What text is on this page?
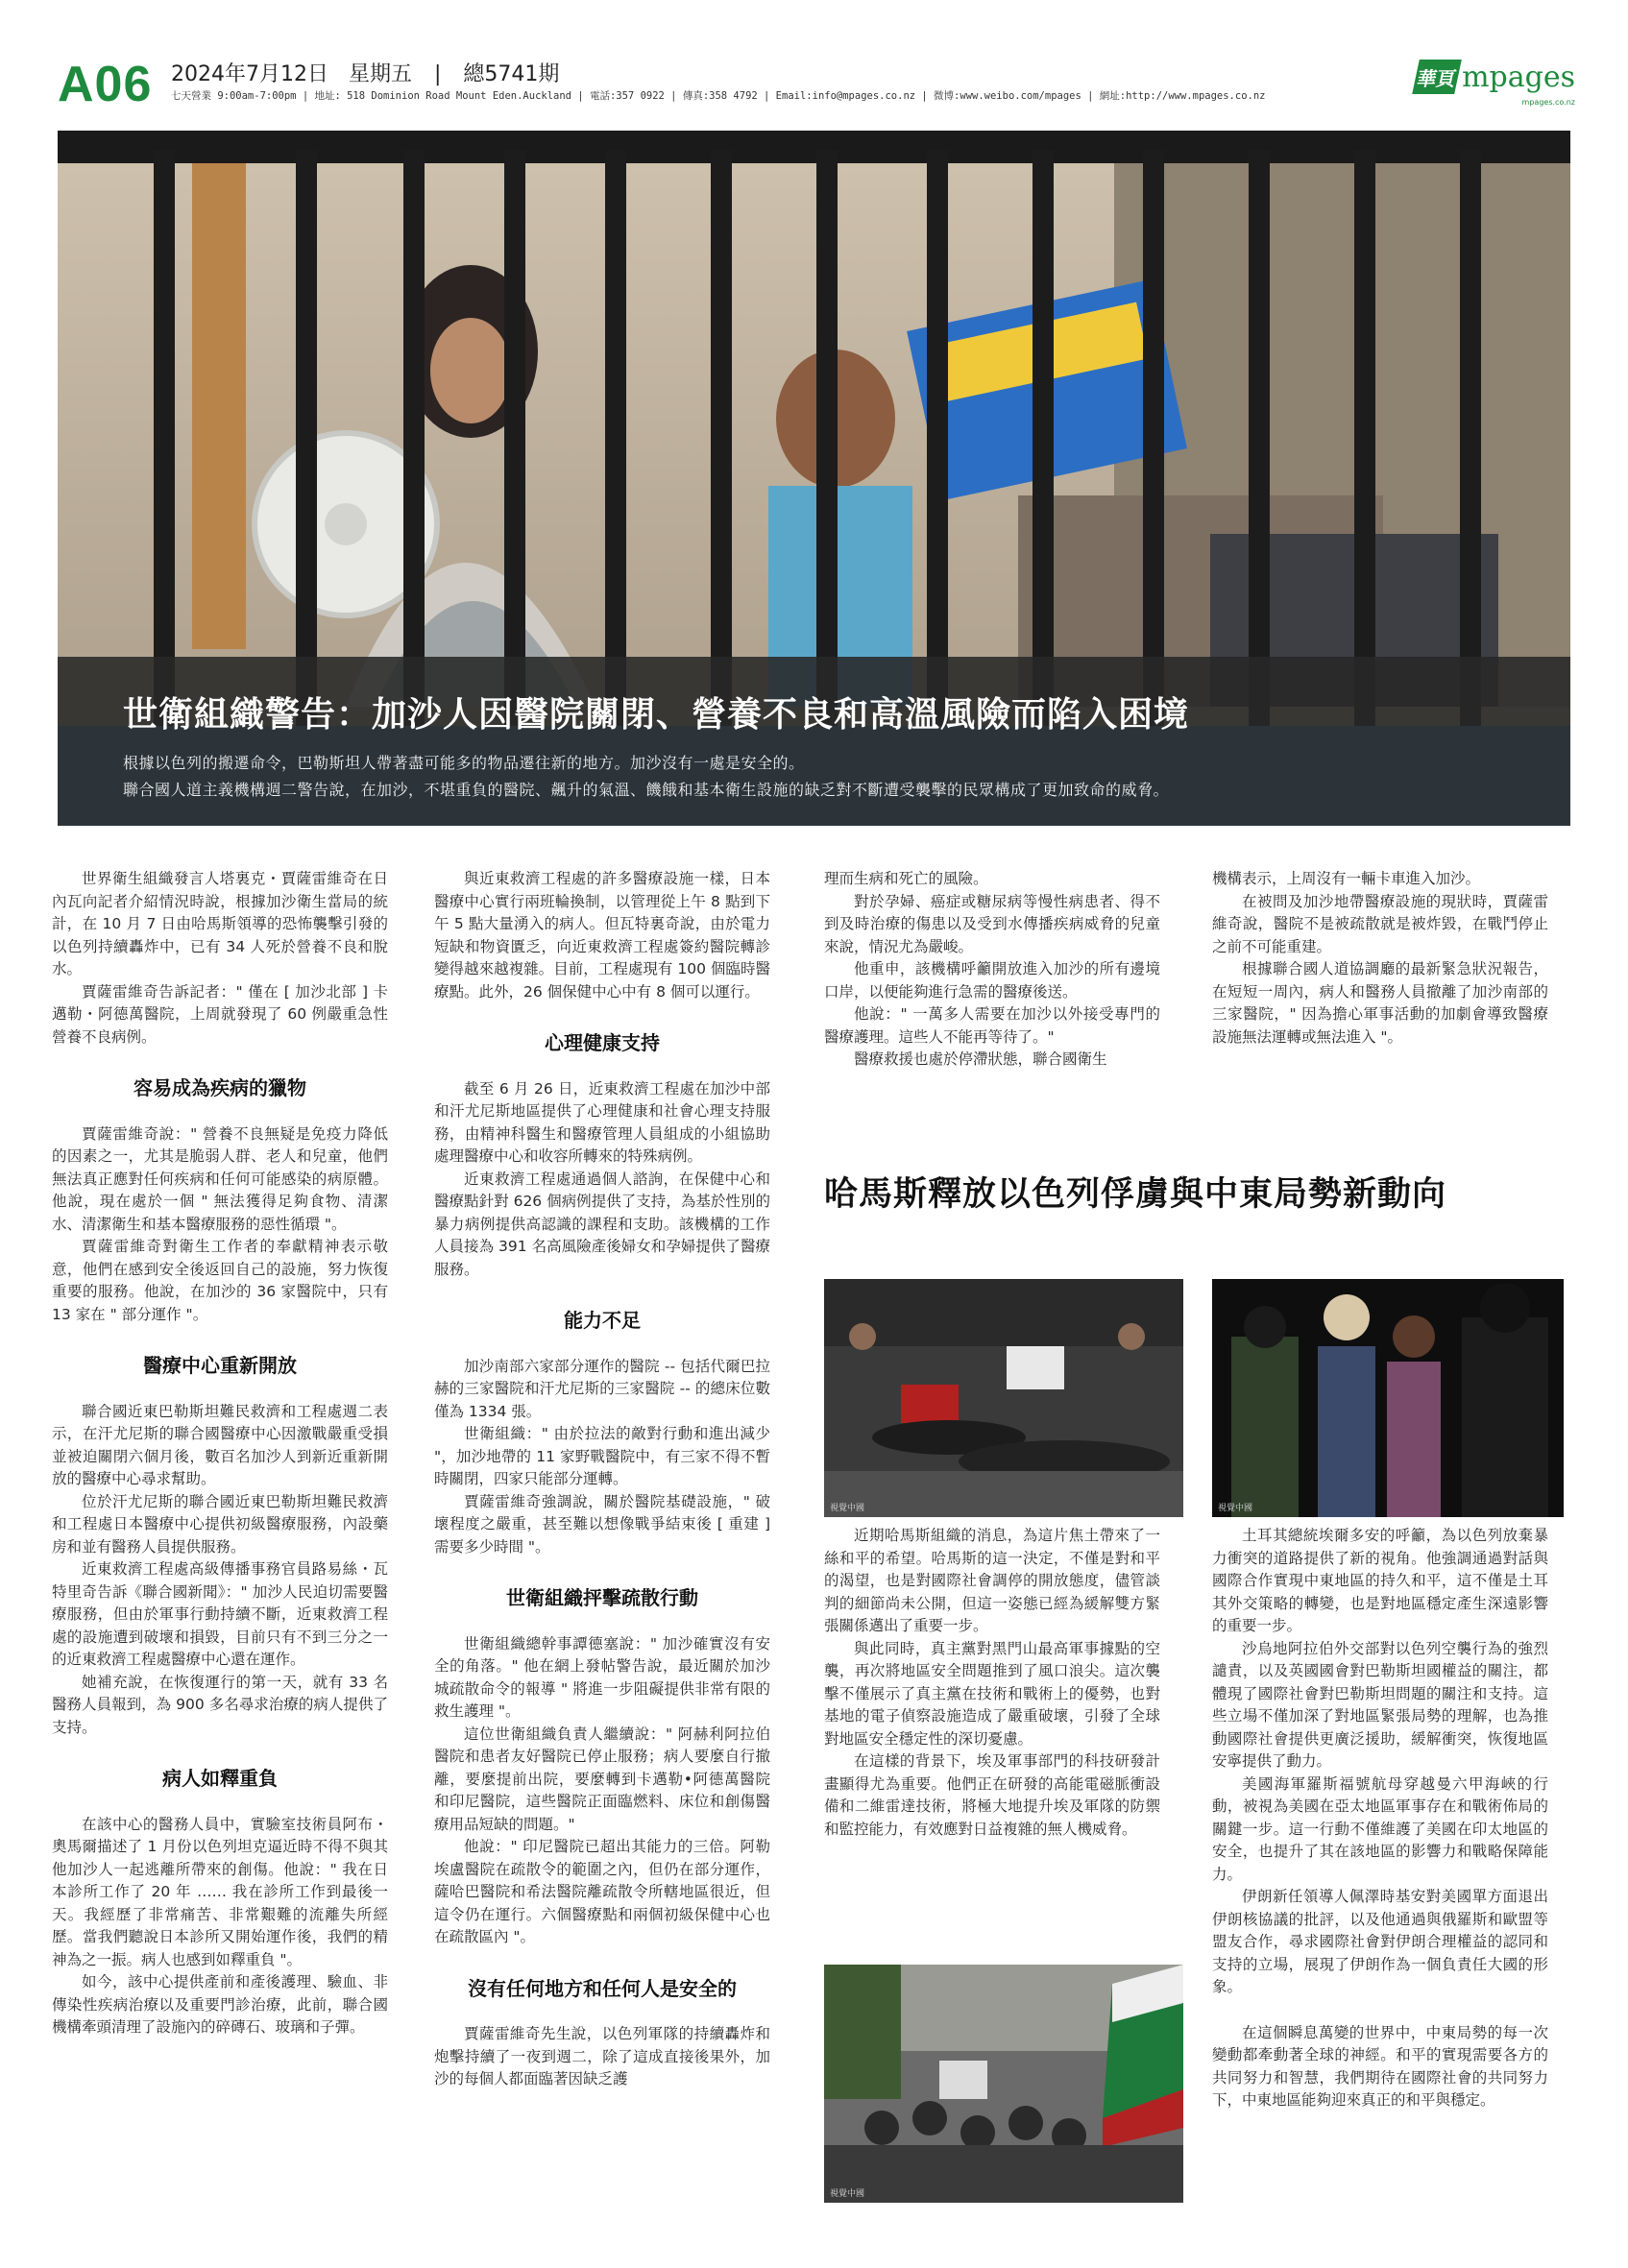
A06 2024年7月12日 星期五 | 總5741期
七天營業 9:00am-7:00pm | 地址: 518 Dominion Road Mount Eden.Auckland | 電話:357 0922 | 傳真:358 4792 | Email:info@mpages.co.nz | 微博:www.weibo.com/mpages | 網址:http://www.mpages.co.nz
華頁 mpages
mpages.co.nz
世衛組織警告：加沙人因醫院關閉、營養不良和高溫風險而陷入困境
根據以色列的搬遷命令，巴勒斯坦人帶著盡可能多的物品遷往新的地方。加沙沒有一處是安全的。
聯合國人道主義機構週二警告說，在加沙，不堪重負的醫院、飆升的氣溫、饑餓和基本衛生設施的缺乏對不斷遭受襲擊的民眾構成了更加致命的威脅。

世界衛生組織發言人塔裏克・賈薩雷維奇在日內瓦向記者介紹情況時說，根據加沙衛生當局的統計，在 10 月 7 日由哈馬斯領導的恐怖襲擊引發的以色列持續轟炸中，已有 34 人死於營養不良和脫水。

賈薩雷維奇告訴記者：" 僅在 [ 加沙北部 ] 卡邁勒・阿德萬醫院，上周就發現了 60 例嚴重急性營養不良病例。

容易成為疾病的獵物

賈薩雷維奇說：" 營養不良無疑是免疫力降低的因素之一，尤其是脆弱人群、老人和兒童，他們無法真正應對任何疾病和任何可能感染的病原體。 他說，現在處於一個 " 無法獲得足夠食物、清潔水、清潔衛生和基本醫療服務的惡性循環 "。

賈薩雷維奇對衛生工作者的奉獻精神表示敬意，他們在感到安全後返回自己的設施，努力恢復重要的服務。他說，在加沙的 36 家醫院中，只有 13 家在 " 部分運作 "。

醫療中心重新開放

聯合國近東巴勒斯坦難民救濟和工程處週二表示，在汗尤尼斯的聯合國醫療中心因激戰嚴重受損並被迫關閉六個月後，數百名加沙人到新近重新開放的醫療中心尋求幫助。

位於汗尤尼斯的聯合國近東巴勒斯坦難民救濟和工程處日本醫療中心提供初級醫療服務，內設藥房和並有醫務人員提供服務。

近東救濟工程處高級傳播事務官員路易絲・瓦特里奇告訴《聯合國新聞》：" 加沙人民迫切需要醫療服務，但由於軍事行動持續不斷，近東救濟工程處的設施遭到破壞和損毀，目前只有不到三分之一的近東救濟工程處醫療中心還在運作。

她補充說，在恢復運行的第一天，就有 33 名醫務人員報到，為 900 多名尋求治療的病人提供了支持。

病人如釋重負

在該中心的醫務人員中，實驗室技術員阿布・奧馬爾描述了 1 月份以色列坦克逼近時不得不與其他加沙人一起逃離所帶來的創傷。他說：" 我在日本診所工作了 20 年 …… 我在診所工作到最後一天。我經歷了非常痛苦、非常艱難的流離失所經歷。當我們聽說日本診所又開始運作後，我們的精神為之一振。病人也感到如釋重負 "。

如今，該中心提供產前和產後護理、驗血、非傳染性疾病治療以及重要門診治療，此前，聯合國機構牽頭清理了設施內的碎磚石、玻璃和子彈。

與近東救濟工程處的許多醫療設施一樣，日本醫療中心實行兩班輪換制，以管理從上午 8 點到下午 5 點大量湧入的病人。但瓦特裏奇說，由於電力短缺和物資匱乏，向近東救濟工程處簽約醫院轉診變得越來越複雜。目前，工程處現有 100 個臨時醫療點。此外，26 個保健中心中有 8 個可以運行。

心理健康支持

截至 6 月 26 日，近東救濟工程處在加沙中部和汗尤尼斯地區提供了心理健康和社會心理支持服務，由精神科醫生和醫療管理人員組成的小組協助處理醫療中心和收容所轉來的特殊病例。

近東救濟工程處通過個人諮詢，在保健中心和醫療點針對 626 個病例提供了支持，為基於性別的暴力病例提供高認識的課程和支助。該機構的工作人員接為 391 名高風險產後婦女和孕婦提供了醫療服務。

能力不足

加沙南部六家部分運作的醫院 -- 包括代爾巴拉赫的三家醫院和汗尤尼斯的三家醫院 -- 的總床位數僅為 1334 張。

世衛組織：" 由於拉法的敵對行動和進出減少 "，加沙地帶的 11 家野戰醫院中，有三家不得不暫時關閉，四家只能部分運轉。

賈薩雷維奇強調說，關於醫院基礎設施，" 破壞程度之嚴重，甚至難以想像戰爭結束後 [ 重建 ] 需要多少時間 "。

世衛組織抨擊疏散行動

世衛組織總幹事譚德塞說：" 加沙確實沒有安全的角落。" 他在網上發帖警告說，最近關於加沙城疏散命令的報導 " 將進一步阻礙提供非常有限的救生護理 "。

這位世衛組織負責人繼續說：" 阿赫利阿拉伯醫院和患者友好醫院已停止服務；病人要麼自行撤離，要麼提前出院，要麼轉到卡邁勒•阿德萬醫院和印尼醫院，這些醫院正面臨燃料、床位和創傷醫療用品短缺的問題。"

他說：" 印尼醫院已超出其能力的三倍。阿勒埃盧醫院在疏散令的範圍之內，但仍在部分運作，薩哈巴醫院和希法醫院離疏散令所轄地區很近，但這令仍在運行。六個醫療點和兩個初級保健中心也在疏散區內 "。

沒有任何地方和任何人是安全的

賈薩雷維奇先生說，以色列軍隊的持續轟炸和炮擊持續了一夜到週二，除了這成直接後果外，加沙的每個人都面臨著因缺乏護

理而生病和死亡的風險。

對於孕婦、癌症或糖尿病等慢性病患者、得不到及時治療的傷患以及受到水傳播疾病威脅的兒童來說，情況尤為嚴峻。

他重申，該機構呼籲開放進入加沙的所有邊境口岸，以便能夠進行急需的醫療後送。

他說：" 一萬多人需要在加沙以外接受專門的醫療護理。這些人不能再等待了。"

醫療救援也處於停滯狀態，聯合國衛生

機構表示，上周沒有一輛卡車進入加沙。

在被問及加沙地帶醫療設施的現狀時，賈薩雷維奇說，醫院不是被疏散就是被炸毀，在戰鬥停止之前不可能重建。

根據聯合國人道協調廳的最新緊急狀況報告，在短短一周內，病人和醫務人員撤離了加沙南部的三家醫院，" 因為擔心軍事活動的加劇會導致醫療設施無法運轉或無法進入 "。

哈馬斯釋放以色列俘虜與中東局勢新動向
視覺中國	視覺中國

近期哈馬斯組織的消息，為這片焦土帶來了一絲和平的希望。哈馬斯的這一決定，不僅是對和平的渴望，也是對國際社會調停的開放態度，儘管談判的細節尚未公開，但這一姿態已經為緩解雙方緊張關係邁出了重要一步。

與此同時，真主黨對黑門山最高軍事據點的空襲，再次將地區安全問題推到了風口浪尖。這次襲擊不僅展示了真主黨在技術和戰術上的優勢，也對基地的電子偵察設施造成了嚴重破壞，引發了全球對地區安全穩定性的深切憂慮。

在這樣的背景下，埃及軍事部門的科技研發計畫顯得尤為重要。他們正在研發的高能電磁脈衝設備和二維雷達技術，將極大地提升埃及軍隊的防禦和監控能力，有效應對日益複雜的無人機威脅。

土耳其總統埃爾多安的呼籲，為以色列放棄暴力衝突的道路提供了新的視角。他強調通過對話與國際合作實現中東地區的持久和平，這不僅是土耳其外交策略的轉變，也是對地區穩定產生深遠影響的重要一步。

沙烏地阿拉伯外交部對以色列空襲行為的強烈譴責，以及英國國會對巴勒斯坦國權益的關注，都體現了國際社會對巴勒斯坦問題的關注和支持。這些立場不僅加深了對地區緊張局勢的理解，也為推動國際社會提供更廣泛援助，緩解衝突，恢復地區安寧提供了動力。

美國海軍羅斯福號航母穿越曼六甲海峽的行動，被視為美國在亞太地區軍事存在和戰術佈局的關鍵一步。這一行動不僅維護了美國在印太地區的安全，也提升了其在該地區的影響力和戰略保障能力。

伊朗新任領導人佩澤時基安對美國單方面退出伊朗核協議的批評，以及他通過與俄羅斯和歐盟等盟友合作，尋求國際社會對伊朗合理權益的認同和支持的立場，展現了伊朗作為一個負責任大國的形象。

在這個瞬息萬變的世界中，中東局勢的每一次變動都牽動著全球的神經。和平的實現需要各方的共同努力和智慧，我們期待在國際社會的共同努力下，中東地區能夠迎來真正的和平與穩定。

視覺中國
